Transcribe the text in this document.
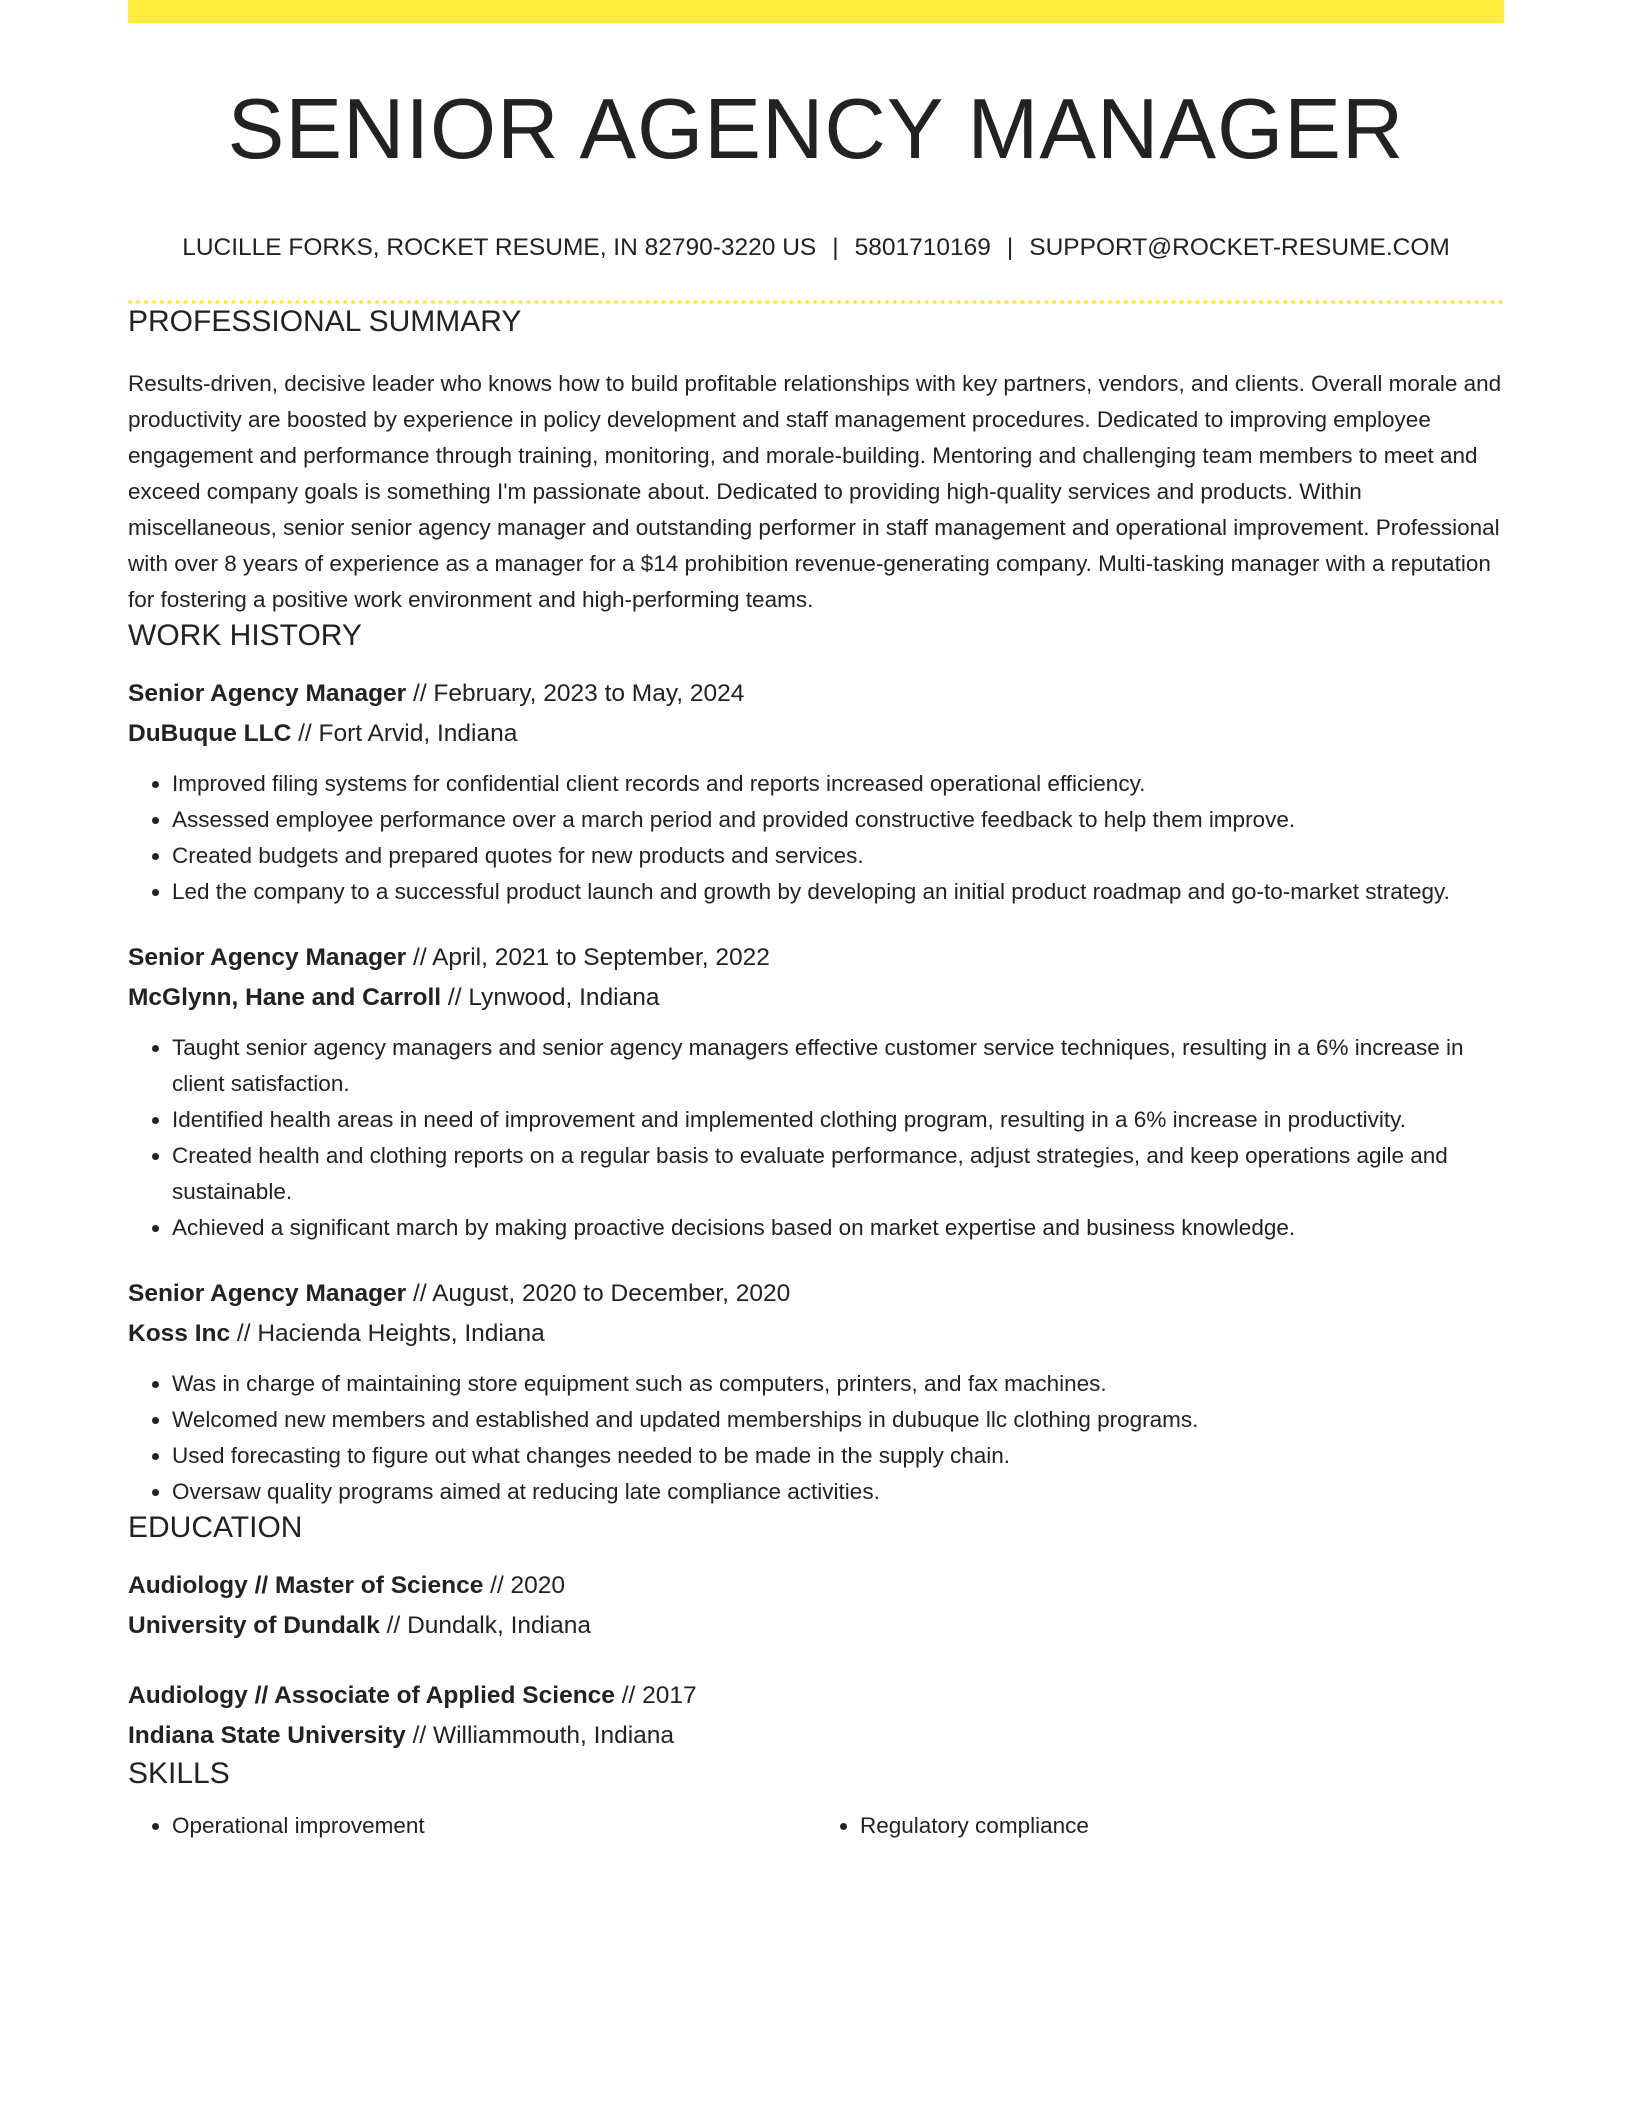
SENIOR AGENCY MANAGER
LUCILLE FORKS, ROCKET RESUME, IN 82790-3220 US | 5801710169 | SUPPORT@ROCKET-RESUME.COM
PROFESSIONAL SUMMARY
Results-driven, decisive leader who knows how to build profitable relationships with key partners, vendors, and clients. Overall morale and productivity are boosted by experience in policy development and staff management procedures. Dedicated to improving employee engagement and performance through training, monitoring, and morale-building. Mentoring and challenging team members to meet and exceed company goals is something I'm passionate about. Dedicated to providing high-quality services and products. Within miscellaneous, senior senior agency manager and outstanding performer in staff management and operational improvement. Professional with over 8 years of experience as a manager for a $14 prohibition revenue-generating company. Multi-tasking manager with a reputation for fostering a positive work environment and high-performing teams.
WORK HISTORY
Senior Agency Manager // February, 2023 to May, 2024
DuBuque LLC // Fort Arvid, Indiana
• Improved filing systems for confidential client records and reports increased operational efficiency.
• Assessed employee performance over a march period and provided constructive feedback to help them improve.
• Created budgets and prepared quotes for new products and services.
• Led the company to a successful product launch and growth by developing an initial product roadmap and go-to-market strategy.
Senior Agency Manager // April, 2021 to September, 2022
McGlynn, Hane and Carroll // Lynwood, Indiana
• Taught senior agency managers and senior agency managers effective customer service techniques, resulting in a 6% increase in client satisfaction.
• Identified health areas in need of improvement and implemented clothing program, resulting in a 6% increase in productivity.
• Created health and clothing reports on a regular basis to evaluate performance, adjust strategies, and keep operations agile and sustainable.
• Achieved a significant march by making proactive decisions based on market expertise and business knowledge.
Senior Agency Manager // August, 2020 to December, 2020
Koss Inc // Hacienda Heights, Indiana
• Was in charge of maintaining store equipment such as computers, printers, and fax machines.
• Welcomed new members and established and updated memberships in dubuque llc clothing programs.
• Used forecasting to figure out what changes needed to be made in the supply chain.
• Oversaw quality programs aimed at reducing late compliance activities.
EDUCATION
Audiology // Master of Science // 2020
University of Dundalk // Dundalk, Indiana
Audiology // Associate of Applied Science // 2017
Indiana State University // Williammouth, Indiana
SKILLS
• Operational improvement
•	Regulatory compliance
